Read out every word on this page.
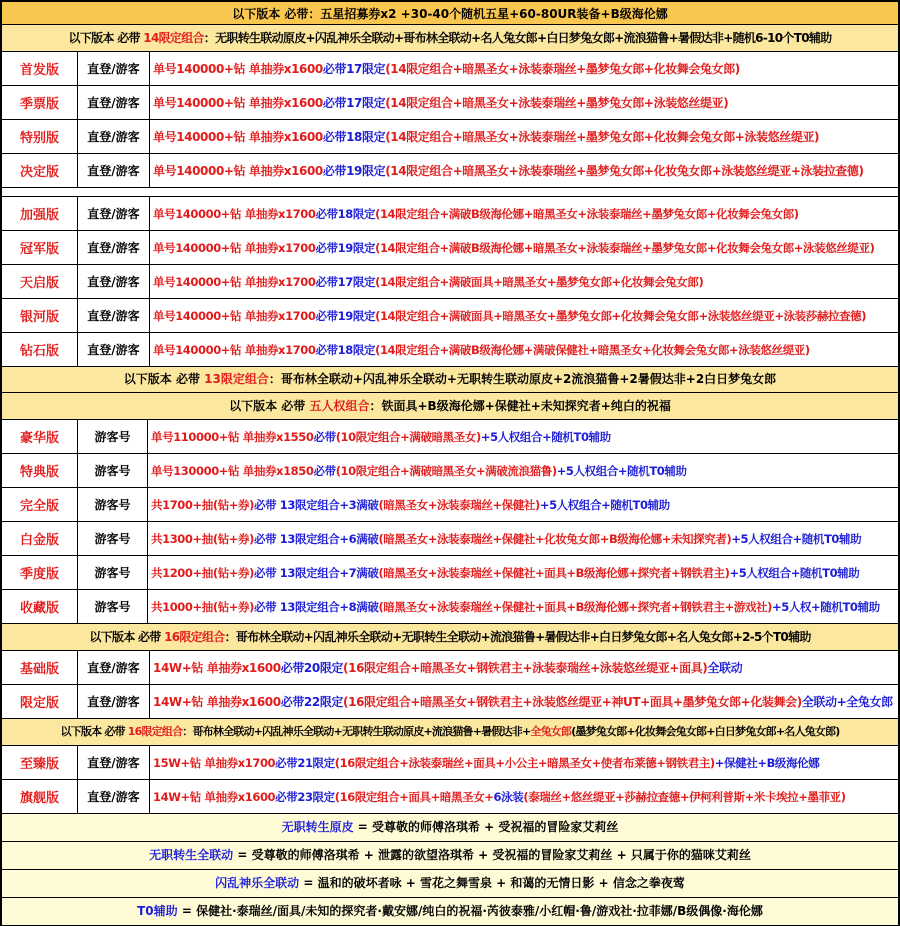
以下版本 必带：五星招募券x2 +30-40个随机五星+60-80UR装备+B级海伦娜
以下版本 必带 14限定组合：无职转生联动原皮+闪乱神乐全联动+哥布林全联动+名人兔女郎+白日梦兔女郎+流浪猫鲁+暑假达非+随机6-10个T0辅助
首发版 直登/游客 单号140000+钻 单抽券x1600 必带17限定 (14限定组合+暗黑圣女+泳装泰瑞丝+墨梦兔女郎+化妆舞会兔女郎)
季票版 直登/游客 单号140000+钻 单抽券x1600 必带17限定 (14限定组合+暗黑圣女+泳装泰瑞丝+墨梦兔女郎+泳装悠丝缇亚)
特别版 直登/游客 单号140000+钻 单抽券x1600 必带18限定 (14限定组合+暗黑圣女+泳装泰瑞丝+墨梦兔女郎+化妆舞会兔女郎+泳装悠丝缇亚)
决定版 直登/游客 单号140000+钻 单抽券x1600 必带19限定 (14限定组合+暗黑圣女+泳装泰瑞丝+墨梦兔女郎+化妆兔女郎+泳装悠丝缇亚+泳装拉查德)
加强版 直登/游客 单号140000+钻 单抽券x1700 必带18限定 (14限定组合+满破B级海伦娜+暗黑圣女+泳装泰瑞丝+墨梦兔女郎+化妆舞会兔女郎)
冠军版 直登/游客 单号140000+钻 单抽券x1700 必带19限定 (14限定组合+满破B级海伦娜+暗黑圣女+泳装泰瑞丝+墨梦兔女郎+化妆舞会兔女郎+泳装悠丝缇亚)
天启版 直登/游客 单号140000+钻 单抽券x1700 必带17限定 (14限定组合+满破面具+暗黑圣女+墨梦兔女郎+化妆舞会兔女郎)
银河版 直登/游客 单号140000+钻 单抽券x1700 必带19限定 (14限定组合+满破面具+暗黑圣女+墨梦兔女郎+化妆舞会兔女郎+泳装悠丝缇亚+泳装莎赫拉查德)
钻石版 直登/游客 单号140000+钻 单抽券x1700 必带18限定 (14限定组合+满破B级海伦娜+满破保健社+暗黑圣女+化妆舞会兔女郎+泳装悠丝缇亚)
以下版本 必带 13限定组合：哥布林全联动+闪乱神乐全联动+无职转生联动原皮+2流浪猫鲁+2暑假达非+2白日梦兔女郎
以下版本 必带 五人权组合：铁面具+B级海伦娜+保健社+未知探究者+纯白的祝福
豪华版	游客号 单号110000+钻 单抽券x1550 必带 (10限定组合+满破暗黑圣女) +5人权组合+随机T0辅助
特典版	游客号 单号130000+钻 单抽券x1850 必带 (10限定组合+满破暗黑圣女+满破流浪猫鲁) +5人权组合+随机T0辅助
完全版	游客号 共1700+抽(钻+券) 必带 13限定组合+3满破 (暗黑圣女+泳装泰瑞丝+保健社) +5人权组合+随机T0辅助
白金版	游客号 共1300+抽(钻+券) 必带 13限定组合+6满破 (暗黑圣女+泳装泰瑞丝+保健社+化妆兔女郎+B级海伦娜+未知探究者) +5人权组合+随机T0辅助
季度版	游客号 共1200+抽(钻+券) 必带 13限定组合+7满破 (暗黑圣女+泳装泰瑞丝+保健社+面具+B级海伦娜+探究者+钢铁君主) +5人权组合+随机T0辅助
收藏版	游客号 共1000+抽(钻+券) 必带 13限定组合+8满破 (暗黑圣女+泳装泰瑞丝+保健社+面具+B级海伦娜+探究者+钢铁君主+游戏社) +5人权+随机T0辅助
以下版本 必带 16限定组合：哥布林全联动+闪乱神乐全联动+无职转生全联动+流浪猫鲁+暑假达非+白日梦兔女郎+名人兔女郎+2-5个T0辅助
基础版 直登/游客 14W+钻 单抽券x1600 必带20限定 (16限定组合+暗黑圣女+钢铁君主+泳装泰瑞丝+泳装悠丝缇亚+面具) 全联动
限定版 直登/游客 14W+钻 单抽券x1600 必带22限定 (16限定组合+暗黑圣女+钢铁君主+泳装悠丝缇亚+神UT+面具+墨梦兔女郎+化装舞会) 全联动+全兔女郎
以下版本 必带 16限定组合：哥布林全联动+闪乱神乐全联动+无职转生联动原皮+流浪猫鲁+暑假达非+全兔女郎(墨梦兔女郎+化妆舞会兔女郎+白日梦兔女郎+名人兔女郎)
至臻版 直登/游客 15W+钻 单抽券x1700 必带21限定 (16限定组合+泳装泰瑞丝+面具+小公主+暗黑圣女+使者布莱德+钢铁君主) +保健社+B级海伦娜
旗舰版 直登/游客 14W+钻 单抽券x1600 必带23限定 (16限定组合+面具+暗黑圣女+ 6泳装 (泰瑞丝+悠丝缇亚+莎赫拉查德+伊柯利普斯+米卡埃拉+墨菲亚)
无职转生原皮 = 受尊敬的师傅洛琪希 + 受祝福的冒险家艾莉丝
无职转生全联动 = 受尊敬的师傅洛琪希 + 泄露的欲望洛琪希 + 受祝福的冒险家艾莉丝 + 只属于你的猫咪艾莉丝
闪乱神乐全联动 = 温和的破坏者咏 + 雪花之舞雪泉 + 和蔼的无情日影 + 信念之拳夜莺
T0辅助 = 保健社·泰瑞丝/面具/未知的探究者·戴安娜/纯白的祝福·芮彼泰雅/小红帽·鲁/游戏社·拉菲娜/B级偶像·海伦娜
